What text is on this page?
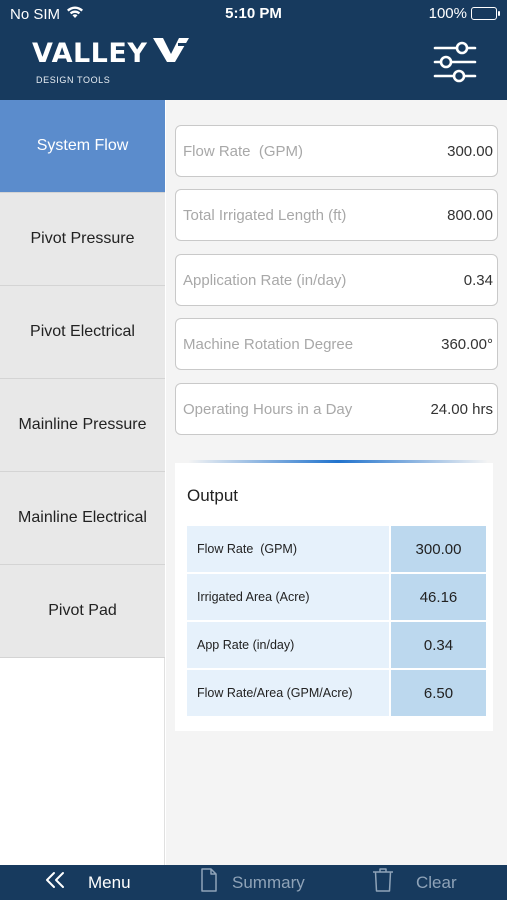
No SIM	5:10 PM	100%
VALLEY
DESIGN TOOLS
System Flow
Pivot Pressure
Pivot Electrical
Mainline Pressure
Mainline Electrical
Pivot Pad
Flow Rate  (GPM)	300.00
Total Irrigated Length (ft)	800.00
Application Rate (in/day)	0.34
Machine Rotation Degree	360.00°
Operating Hours in a Day	24.00 hrs
Output
Flow Rate  (GPM)	300.00
Irrigated Area (Acre)	46.16
App Rate (in/day)	0.34
Flow Rate/Area (GPM/Acre)	6.50
Menu	Summary	Clear
